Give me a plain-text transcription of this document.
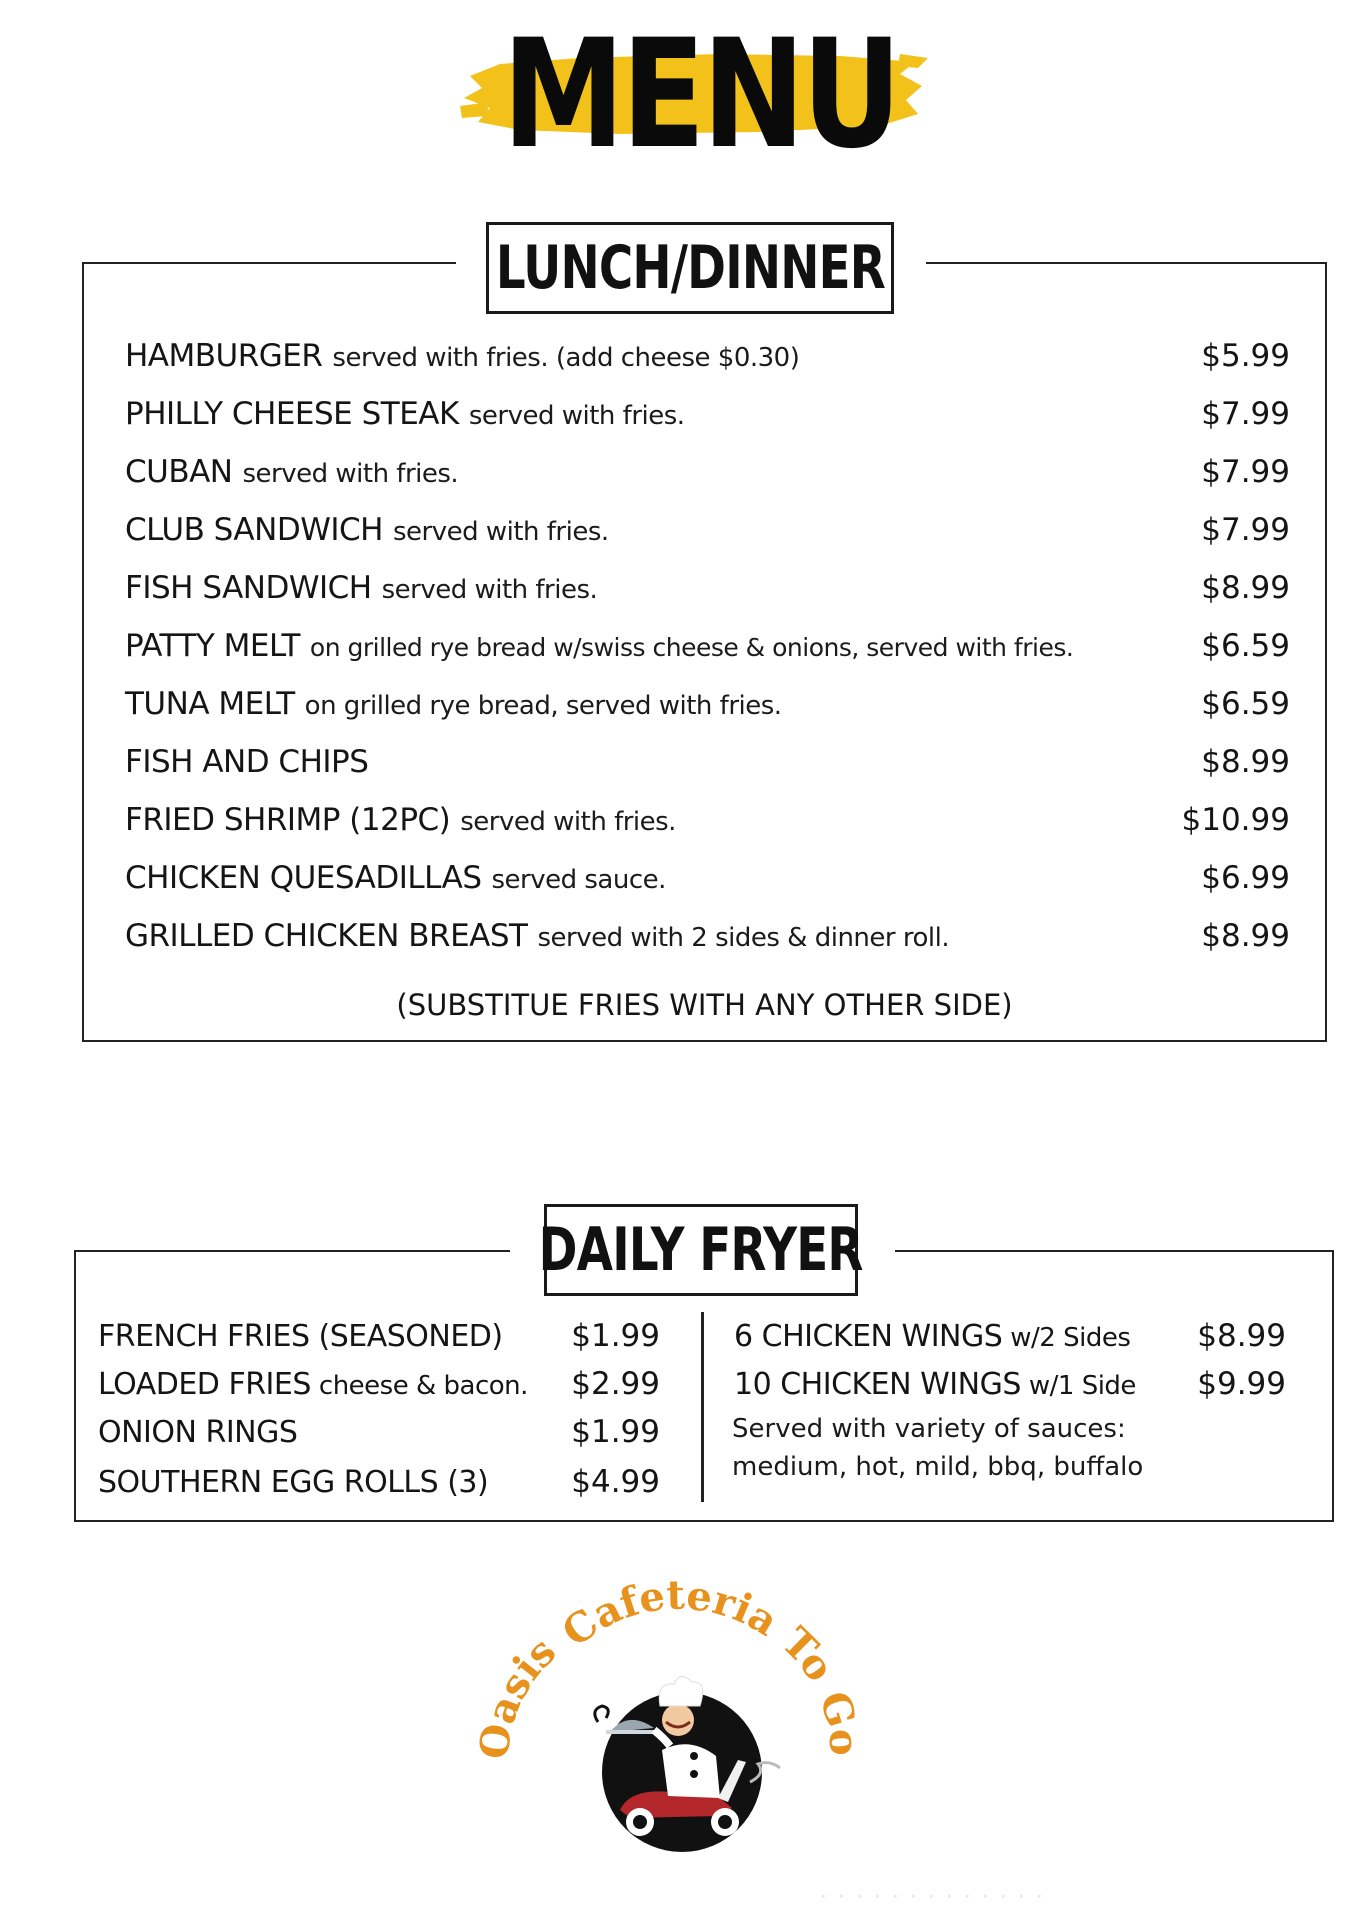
MENU
LUNCH/DINNER
HAMBURGER served with fries. (add cheese $0.30)	$5.99
PHILLY CHEESE STEAK served with fries.	$7.99
CUBAN served with fries.	$7.99
CLUB SANDWICH served with fries.	$7.99
FISH SANDWICH served with fries.	$8.99
PATTY MELT on grilled rye bread w/swiss cheese & onions, served with fries.	$6.59
TUNA MELT on grilled rye bread, served with fries.	$6.59
FISH AND CHIPS	$8.99
FRIED SHRIMP (12PC) served with fries.	$10.99
CHICKEN QUESADILLAS served sauce.	$6.99
GRILLED CHICKEN BREAST served with 2 sides & dinner roll.	$8.99
(SUBSTITUE FRIES WITH ANY OTHER SIDE)
DAILY FRYER
FRENCH FRIES (SEASONED) $1.99
LOADED FRIES cheese & bacon. $2.99
ONION RINGS	$1.99
SOUTHERN EGG ROLLS (3)	$4.99
6 CHICKEN WINGS w/2 Sides $8.99
10 CHICKEN WINGS w/1 Side $9.99
Served with variety of sauces:
medium, hot, mild, bbq, buffalo
Oasis
Cafeteria
To Go
· · · · · · · · · · · · ·
